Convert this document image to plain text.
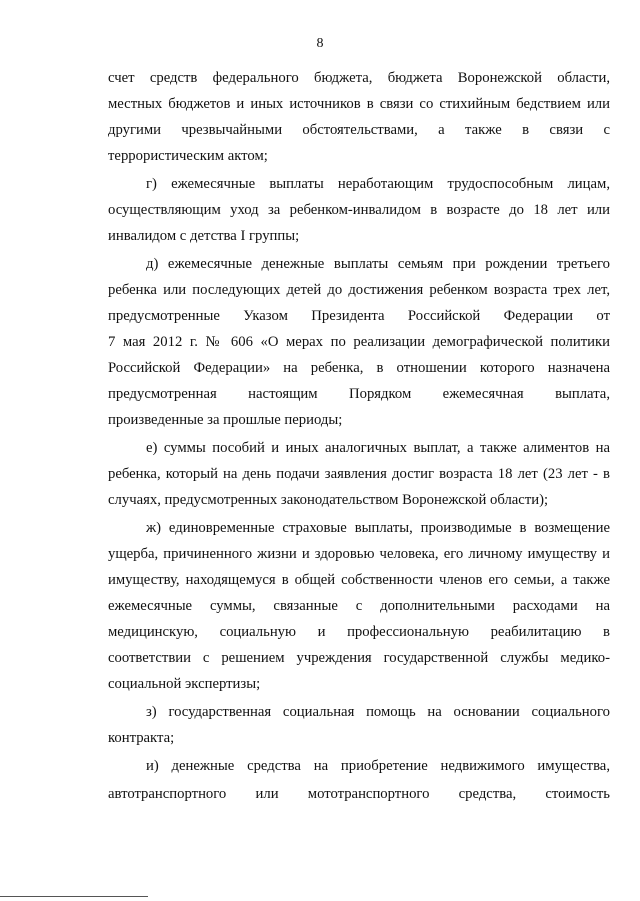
8
счет средств федерального бюджета, бюджета Воронежской области,
местных бюджетов и иных источников в связи со стихийным бедствием или
другими чрезвычайными обстоятельствами, а также в связи с
террористическим актом;
г) ежемесячные выплаты неработающим трудоспособным лицам,
осуществляющим уход за ребенком-инвалидом в возрасте до 18 лет или
инвалидом с детства I группы;
д) ежемесячные денежные выплаты семьям при рождении третьего
ребенка или последующих детей до достижения ребенком возраста трех лет,
предусмотренные Указом Президента Российской Федерации от
7 мая 2012 г. № 606 «О мерах по реализации демографической политики
Российской Федерации» на ребенка, в отношении которого назначена
предусмотренная настоящим Порядком ежемесячная выплата,
произведенные за прошлые периоды;
е) суммы пособий и иных аналогичных выплат, а также алиментов на
ребенка, который на день подачи заявления достиг возраста 18 лет (23 лет - в
случаях, предусмотренных законодательством Воронежской области);
ж) единовременные страховые выплаты, производимые в возмещение
ущерба, причиненного жизни и здоровью человека, его личному имуществу и
имуществу, находящемуся в общей собственности членов его семьи, а также
ежемесячные суммы, связанные с дополнительными расходами на
медицинскую, социальную и профессиональную реабилитацию в
соответствии с решением учреждения государственной службы медико-
социальной экспертизы;
з) государственная социальная помощь на основании социального
контракта;
и) денежные средства на приобретение недвижимого имущества,
автотранспортного или мототранспортного средства, стоимость
